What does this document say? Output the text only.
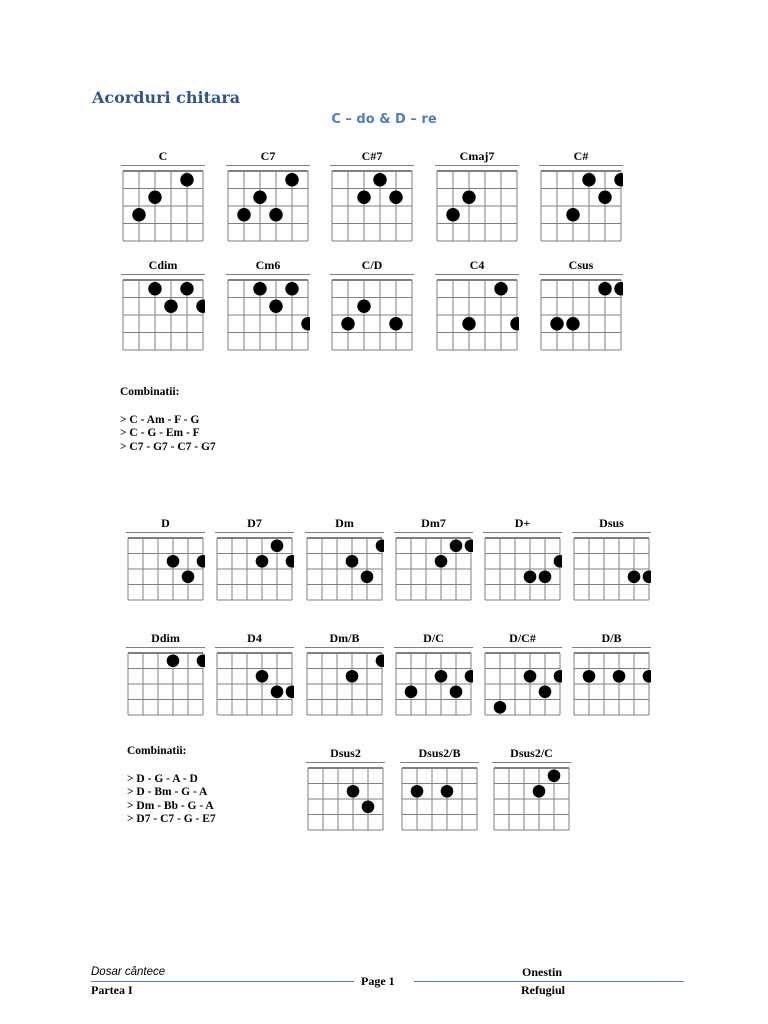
Acorduri chitara
C – do & D – re
C	C7	C#7	Cmaj7	C#
Cdim	Cm6	C/D	C4	Csus
D	D7	Dm	Dm7	D+	Dsus
Ddim	D4	Dm/B	D/C	D/C#	D/B
Dsus2	Dsus2/B	Dsus2/C

Combinatii:

> C - Am - F - G

> C - G - Em - F

> C7 - G7 - C7 - G7

Combinatii:

> D - G - A - D

> D - Bm - G - A

> Dm - Bb - G - A

> D7 - C7 - G - E7

Dosar cântece
Partea I
Page 1
Onestin
Refugiul
